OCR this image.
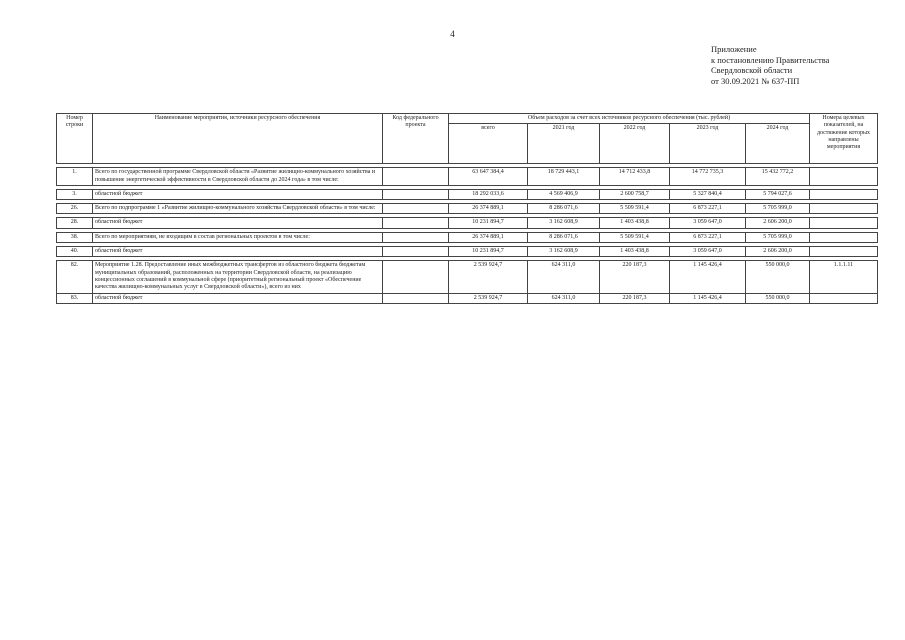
4
Приложение
к постановлению Правительства
Свердловской области
от 30.09.2021 № 637-ПП
Номер строки	Наименование мероприятия, источники ресурсного обеспечения	Код федерального проекта	Объем расходов за счет всех источников ресурсного обеспечения (тыс. рублей)					Номера целевых показателей, на достижение которых направлены мероприятия
			всего	2021 год	2022 год	2023 год	2024 год	

1.	Всего по государственной программе Свердловской области «Развитие жилищно-коммунального хозяйства и повышение энергетической эффективности в Свердловской области до 2024 года» в том числе:		63 647 384,4	18 729 443,1	14 712 433,8	14 772 735,3	15 432 772,2	

3.	областной бюджет		18 292 033,6	4 569 406,9	2 600 758,7	5 327 840,4	5 794 027,6	

26.	Всего по подпрограмме 1 «Развитие жилищно-коммунального хозяйства Свердловской области» в том числе:		26 374 889,1	8 286 071,6	5 509 591,4	6 873 227,1	5 705 999,0	

28.	областной бюджет		10 231 894,7	3 162 608,9	1 403 438,8	3 059 647,0	2 606 200,0	

38.	Всего по мероприятиям, не входящим в состав региональных проектов в том числе:		26 374 889,1	8 286 071,6	5 509 591,4	6 873 227,1	5 705 999,0	

40.	областной бюджет		10 231 894,7	3 162 608,9	1 403 438,8	3 059 647,0	2 606 200,0	

82.	Мероприятие 1.28. Предоставление иных межбюджетных трансфертов из областного бюджета бюджетам муниципальных образований, расположенных на территории Свердловской области, на реализацию концессионных соглашений в коммунальной сфере (приоритетный региональный проект «Обеспечение качества жилищно-коммунальных услуг в Свердловской области»), всего из них		2 539 924,7	624 311,0	220 187,3	1 145 426,4	550 000,0	1.1.1.11
83.	областной бюджет		2 539 924,7	624 311,0	220 187,3	1 145 426,4	550 000,0	
